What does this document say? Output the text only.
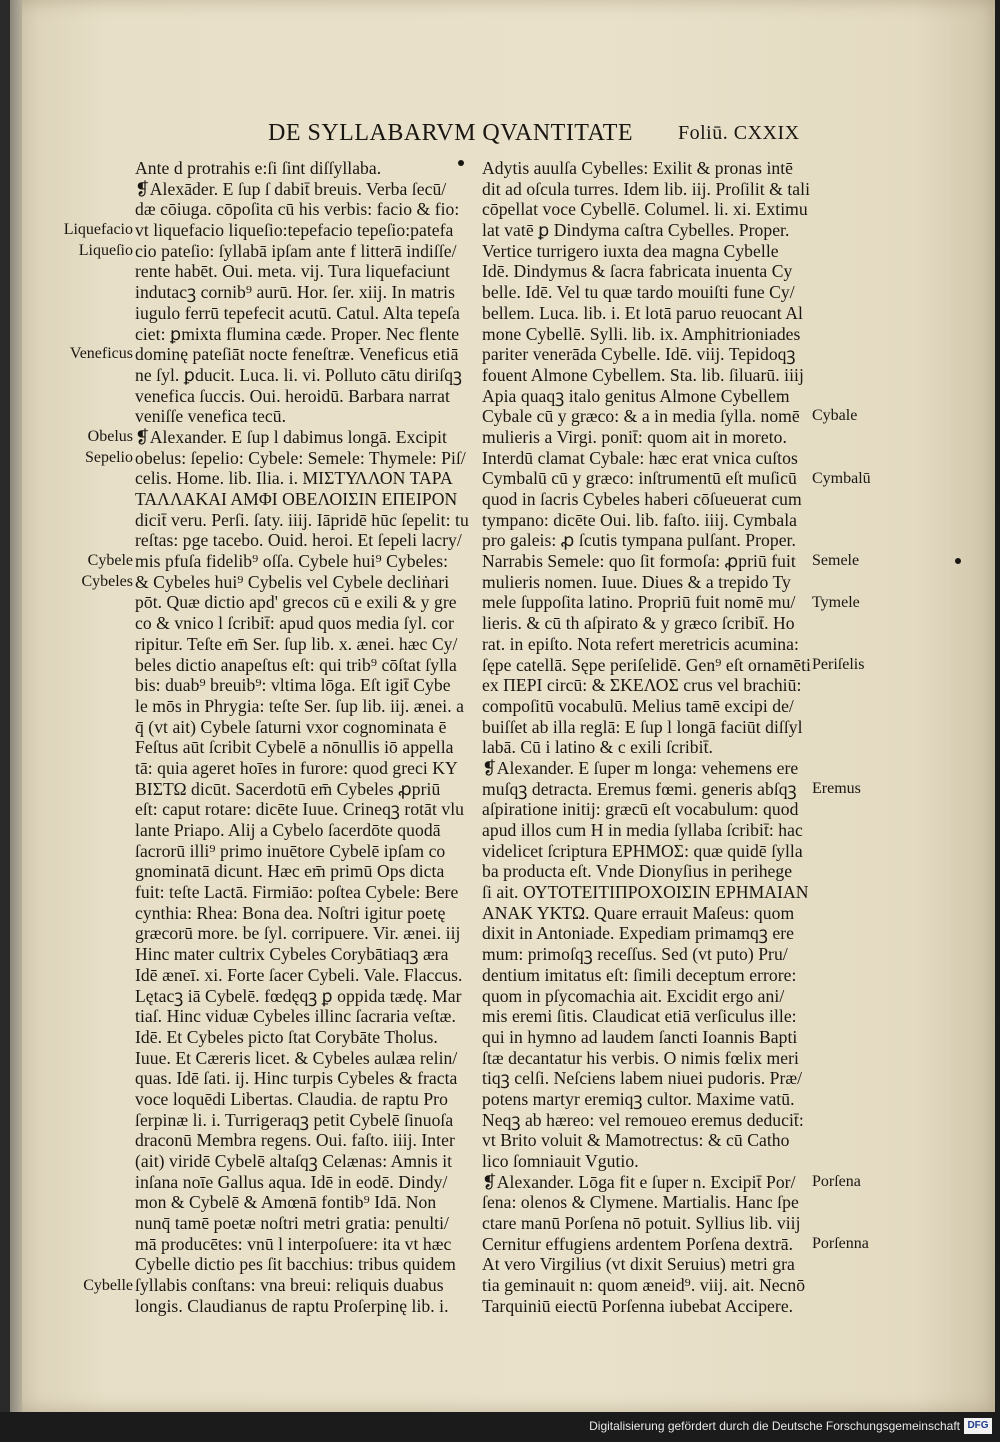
DE SYLLABARVM QVANTITATE Foliū. CXXIX
Ante d protrahis e:ſi ſint diſſyllaba.
❡Alexāder. E ſup ſ dabit̄ breuis. Verba ſecū/
dæ cōiuga. cōpoſita cū his verbis: facio & fio:
vt liquefacio liqueſio:tepefacio tepeſio:patefa
cio pateſio: ſyllabā ipſam ante f litterā indiſſe/
rente habēt. Oui. meta. vij. Tura liquefaciunt
indutacꝫ cornib⁹ aurū. Hor. ſer. xiij. In matris
iugulo ferrū tepefecit acutū. Catul. Alta tepeſa
ciet: ꝑmixta flumina cæde. Proper. Nec flente
dominę pateſiāt nocte feneſtræ. Veneficus etiā
ne ſyl. ꝑducit. Luca. li. vi. Polluto cātu diriſqꝫ
venefica ſuccis. Oui. heroidū. Barbara narrat
veniſſe venefica tecū.
❡Alexander. E ſup l dabimus longā. Excipit
obelus: ſepelio: Cybele: Semele: Thymele: Piſ/
celis. Home. lib. Ilia. i. ΜΙΣΤΥΛΛΟΝ ΤΑΡΑ
ΤΑΛΛΑΚΑΙ ΑΜΦΙ ΟΒΕΛΟΙΣΙΝ ΕΠΕΙΡΟΝ
dicit̄ veru. Perſi. ſaty. iiij. Iāpridē hūc ſepelit: tu
reſtas: pge tacebo. Ouid. heroi. Et ſepeli lacry/
mis pfuſa fidelib⁹ oſſa. Cybele hui⁹ Cybeles:
& Cybeles hui⁹ Cybelis vel Cybele decliṅari
pōt. Quæ dictio apd' grecos cū e exili & y gre
co & vnico l ſcribit̄: apud quos media ſyl. cor
ripitur. Teſte em̄ Ser. ſup lib. x. ænei. hæc Cy/
beles dictio anapeſtus eſt: qui trib⁹ cōſtat ſylla
bis: duab⁹ breuib⁹: vltima lōga. Eſt igit̄ Cybe
le mōs in Phrygia: teſte Ser. ſup lib. iij. ænei. a
q̄ (vt ait) Cybele ſaturni vxor cognominata ē
Feſtus aūt ſcribit Cybelē a nōnullis iō appella
tā: quia ageret hoīes in furore: quod greci ΚΥ
ΒΙΣΤΩ dicūt. Sacerdotū em̄ Cybeles ꝓpriū
eſt: caput rotare: dicēte Iuue. Crineqꝫ rotāt vlu
lante Priapo. Alij a Cybelo ſacerdōte quodā
ſacrorū illi⁹ primo inuētore Cybelē ipſam co
gnominatā dicunt. Hæc em̄ primū Ops dicta
fuit: teſte Lactā. Firmiāo: poſtea Cybele: Bere
cynthia: Rhea: Bona dea. Noſtri igitur poetę
græcorū more. be ſyl. corripuere. Vir. ænei. iij
Hinc mater cultrix Cybeles Corybātiaqꝫ æra
Idē æneī. xi. Forte ſacer Cybeli. Vale. Flaccus.
Lętacꝫ iā Cybelē. fœdęqꝫ ꝑ oppida tædę. Mar
tiaſ. Hinc viduæ Cybeles illinc ſacraria veſtæ.
Idē. Et Cybeles picto ſtat Corybāte Tholus.
Iuue. Et Cæreris licet. & Cybeles aulæa relin/
quas. Idē ſati. ij. Hinc turpis Cybeles & fracta
voce loquēdi Libertas. Claudia. de raptu Pro
ſerpinæ li. i. Turrigeraqꝫ petit Cybelē ſinuoſa
draconū Membra regens. Oui. faſto. iiij. Inter
(ait) viridē Cybelē altaſqꝫ Celænas: Amnis it
inſana noīe Gallus aqua. Idē in eodē. Dindy/
mon & Cybelē & Amœnā fontib⁹ Idā. Non
nunq̄ tamē poetæ noſtri metri gratia: penulti/
mā producētes: vnū l interpoſuere: ita vt hæc
Cybelle dictio pes ſit bacchius: tribus quidem
ſyllabis conſtans: vna breui: reliquis duabus
longis. Claudianus de raptu Proſerpinę lib. i.
Adytis auulſa Cybelles: Exilit & pronas intē
dit ad oſcula turres. Idem lib. iij. Proſilit & tali
cōpellat voce Cybellē. Columel. li. xi. Extimu
lat vatē ꝑ Dindyma caſtra Cybelles. Proper.
Vertice turrigero iuxta dea magna Cybelle
Idē. Dindymus & ſacra fabricata inuenta Cy
belle. Idē. Vel tu quæ tardo mouiſti fune Cy/
bellem. Luca. lib. i. Et lotā paruo reuocant Al
mone Cybellē. Sylli. lib. ix. Amphitrioniades
pariter venerāda Cybelle. Idē. viij. Tepidoqꝫ
fouent Almone Cybellem. Sta. lib. ſiluarū. iiij
Apia quaqꝫ italo genitus Almone Cybellem
Cybale cū y græco: & a in media ſylla. nomē
mulieris a Virgi. ponit̄: quom ait in moreto.
Interdū clamat Cybale: hæc erat vnica cuſtos
Cymbalū cū y græco: inſtrumentū eſt muſicū
quod in ſacris Cybeles haberi cōſueuerat cum
tympano: dicēte Oui. lib. faſto. iiij. Cymbala
pro galeis: ꝓ ſcutis tympana pulſant. Proper.
Narrabis Semele: quo ſit formoſa: ꝓpriū fuit
mulieris nomen. Iuue. Diues & a trepido Ty
mele ſuppoſita latino. Propriū fuit nomē mu/
lieris. & cū th aſpirato & y græco ſcribit̄. Ho
rat. in epiſto. Nota refert meretricis acumina:
ſępe catellā. Sępe periſelidē. Gen⁹ eſt ornamēti
ex ΠΕΡΙ circū: & ΣΚΕΛΟΣ crus vel brachiū:
compoſitū vocabulū. Melius tamē excipi de/
buiſſet ab illa reglā: E ſup l longā faciūt diſſyl
labā. Cū i latino & c exili ſcribit̄.
❡Alexander. E ſuper m longa: vehemens ere
muſqꝫ detracta. Eremus fœmi. generis abſqꝫ
aſpiratione initij: græcū eſt vocabulum: quod
apud illos cum Η in media ſyllaba ſcribit̄: hac
videlicet ſcriptura ΕΡΗΜΟΣ: quæ quidē ſylla
ba producta eſt. Vnde Dionyſius in perihege
ſi ait. ΟΥΤΟΤΕΙΤΙΠΡΟΧΟΙΣΙΝ ΕΡΗΜΑΙΑΝ
ΑΝΑΚ ΥΚΤΩ. Quare errauit Maſeus: quom
dixit in Antoniade. Expediam primamqꝫ ere
mum: primoſqꝫ receſſus. Sed (vt puto) Pru/
dentium imitatus eſt: ſimili deceptum errore:
quom in pſycomachia ait. Excidit ergo ani/
mis eremi ſitis. Claudicat etiā verſiculus ille:
qui in hymno ad laudem ſancti Ioannis Bapti
ſtæ decantatur his verbis. O nimis fœlix meri
tiqꝫ celſi. Neſciens labem niuei pudoris. Præ/
potens martyr eremiqꝫ cultor. Maxime vatū.
Neqꝫ ab hæreo: vel remoueo eremus deducit̄:
vt Brito voluit & Mamotrectus: & cū Catho
lico ſomniauit Vgutio.
❡Alexander. Lōga fit e ſuper n. Excipit̄ Por/
ſena: olenos & Clymene. Martialis. Hanc ſpe
ctare manū Porſena nō potuit. Syllius lib. viij
Cernitur effugiens ardentem Porſena dextrā.
At vero Virgilius (vt dixit Seruius) metri gra
tia geminauit n: quom æneid⁹. viij. ait. Necnō
Tarquiniū eiectū Porſenna iubebat Accipere.
Liquefacio
Liqueſio
Veneficus
Obelus
Sepelio
Cybele
Cybeles
Cybelle
Cybale
Cymbalū
Semele
Tymele
Periſelis
Eremus
Porſena
Porſenna
Digitalisierung gefördert durch die Deutsche Forschungsgemeinschaft DFG
